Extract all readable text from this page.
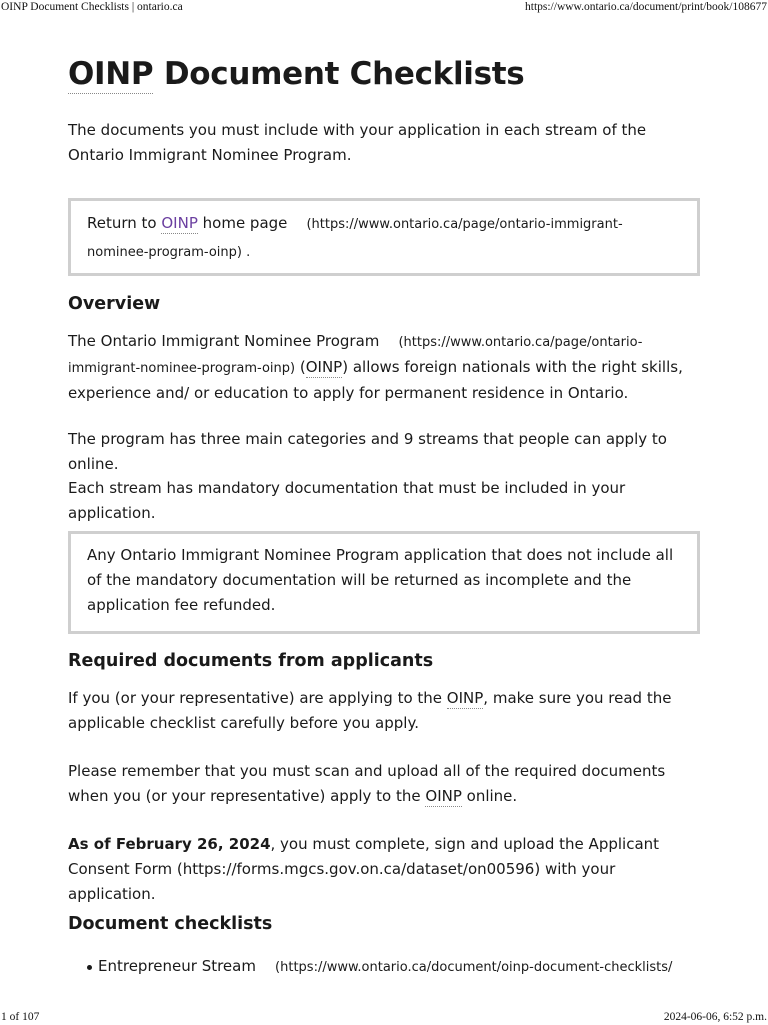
OINP Document Checklists | ontario.ca	https://www.ontario.ca/document/print/book/108677
OINP Document Checklists

The documents you must include with your application in each stream of the Ontario Immigrant Nominee Program.

Return to OINP home page (https://www.ontario.ca/page/ontario-immigrant-nominee-program-oinp) .

Overview

The Ontario Immigrant Nominee Program (https://www.ontario.ca/page/ontario-immigrant-nominee-program-oinp) (OINP) allows foreign nationals with the right skills, experience and/ or education to apply for permanent residence in Ontario.

The program has three main categories and 9 streams that people can apply to online.

Each stream has mandatory documentation that must be included in your application.

Any Ontario Immigrant Nominee Program application that does not include all of the mandatory documentation will be returned as incomplete and the application fee refunded.

Required documents from applicants

If you (or your representative) are applying to the OINP, make sure you read the applicable checklist carefully before you apply.

Please remember that you must scan and upload all of the required documents when you (or your representative) apply to the OINP online.

As of February 26, 2024, you must complete, sign and upload the Applicant Consent Form (https://forms.mgcs.gov.on.ca/dataset/on00596) with your application.

Document checklists
Entrepreneur Stream (https://www.ontario.ca/document/oinp-document-checklists/
1 of 107	2024-06-06, 6:52 p.m.
